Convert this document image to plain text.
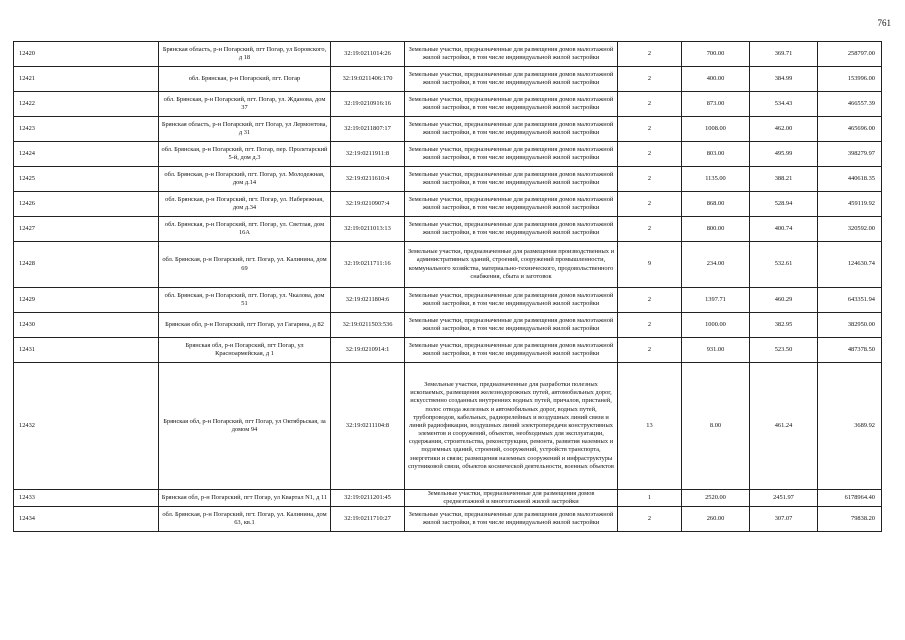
761
12420	Брянская область, р-н Погарский, пгт Погар, ул Боровского, д 18	32:19:0211014:26	Земельные участки, предназначенные для размещения домов малоэтажной жилой застройки, в том числе индивидуальной жилой застройки	2	700.00	369.71	258797.00
12421	обл. Брянская, р-н Погарский, пгт. Погар	32:19:0211406:170	Земельные участки, предназначенные для размещения домов малоэтажной жилой застройки, в том числе индивидуальной жилой застройки	2	400.00	384.99	153996.00
12422	обл. Брянская, р-н Погарский, пгт. Погар, ул. Жданова, дом 37	32:19:0210916:16	Земельные участки, предназначенные для размещения домов малоэтажной жилой застройки, в том числе индивидуальной жилой застройки	2	873.00	534.43	466557.39
12423	Брянская область, р-н Погарский, пгт Погар, ул Лермонтова, д 31	32:19:0211807:17	Земельные участки, предназначенные для размещения домов малоэтажной жилой застройки, в том числе индивидуальной жилой застройки	2	1008.00	462.00	465696.00
12424	обл. Брянская, р-н Погарский, пгт. Погар, пер. Пролетарский 5-й, дом д.3	32:19:0211911:8	Земельные участки, предназначенные для размещения домов малоэтажной жилой застройки, в том числе индивидуальной жилой застройки	2	803.00	495.99	398279.97
12425	обл. Брянская, р-н Погарский, пгт. Погар, ул. Молодежная, дом д.14	32:19:0211610:4	Земельные участки, предназначенные для размещения домов малоэтажной жилой застройки, в том числе индивидуальной жилой застройки	2	1135.00	388.21	440618.35
12426	обл. Брянская, р-н Погарский, пгт. Погар, ул. Набережная, дом д.34	32:19:0210907:4	Земельные участки, предназначенные для размещения домов малоэтажной жилой застройки, в том числе индивидуальной жилой застройки	2	868.00	528.94	459119.92
12427	обл. Брянская, р-н Погарский, пгт. Погар, ул. Светлая, дом 16А	32:19:0211013:13	Земельные участки, предназначенные для размещения домов малоэтажной жилой застройки, в том числе индивидуальной жилой застройки	2	800.00	400.74	320592.00
12428	обл. Брянская, р-н Погарский, пгт. Погар, ул. Калинина, дом 69	32:19:0211711:16	Земельные участки, предназначенные для размещения производственных и административных зданий, строений, сооружений промышленности, коммунального хозяйства, материально-технического, продовольственного снабжения, сбыта и заготовок	9	234.00	532.61	124630.74
12429	обл. Брянская, р-н Погарский, пгт. Погар, ул. Чкалова, дом 51	32:19:0211804:6	Земельные участки, предназначенные для размещения домов малоэтажной жилой застройки, в том числе индивидуальной жилой застройки	2	1397.71	460.29	643351.94
12430	Брянская обл, р-н Погарский, пгт Погар, ул Гагарина, д 82	32:19:0211503:536	Земельные участки, предназначенные для размещения домов малоэтажной жилой застройки, в том числе индивидуальной жилой застройки	2	1000.00	382.95	382950.00
12431	Брянская обл, р-н Погарский, пгт Погар, ул Красноармейская, д 1	32:19:0210914:1	Земельные участки, предназначенные для размещения домов малоэтажной жилой застройки, в том числе индивидуальной жилой застройки	2	931.00	523.50	487378.50
12432	Брянская обл, р-н Погарский, пгт Погар, ул Октябрьская, за домом 94	32:19:0211104:8	Земельные участки, предназначенные для разработки полезных ископаемых, размещения железнодорожных путей, автомобильных дорог, искусственно созданных внутренних водных путей, причалов, пристаней, полос отвода железных и автомобильных дорог, водных путей, трубопроводов, кабельных, радиорелейных и воздушных линий связи и линий радиофикации, воздушных линий электропередачи конструктивных элементов и сооружений, объектов, необходимых для эксплуатации, содержания, строительства, реконструкции, ремонта, развития наземных и подземных зданий, строений, сооружений, устройств транспорта, энергетики и связи; размещения наземных сооружений и инфраструктуры спутниковой связи, объектов космической деятельности, военных объектов	13	8.00	461.24	3689.92
12433	Брянская обл, р-н Погарский, пгт Погар, ул Квартал N1, д 11	32:19:0211201:45	Земельные участки, предназначенные для размещения домов среднеэтажной и многоэтажной жилой застройки	1	2520.00	2451.97	6178964.40
12434	обл. Брянская, р-н Погарский, пгт. Погар, ул. Калинина, дом 63, кв.1	32:19:0211710:27	Земельные участки, предназначенные для размещения домов малоэтажной жилой застройки, в том числе индивидуальной жилой застройки	2	260.00	307.07	79838.20
